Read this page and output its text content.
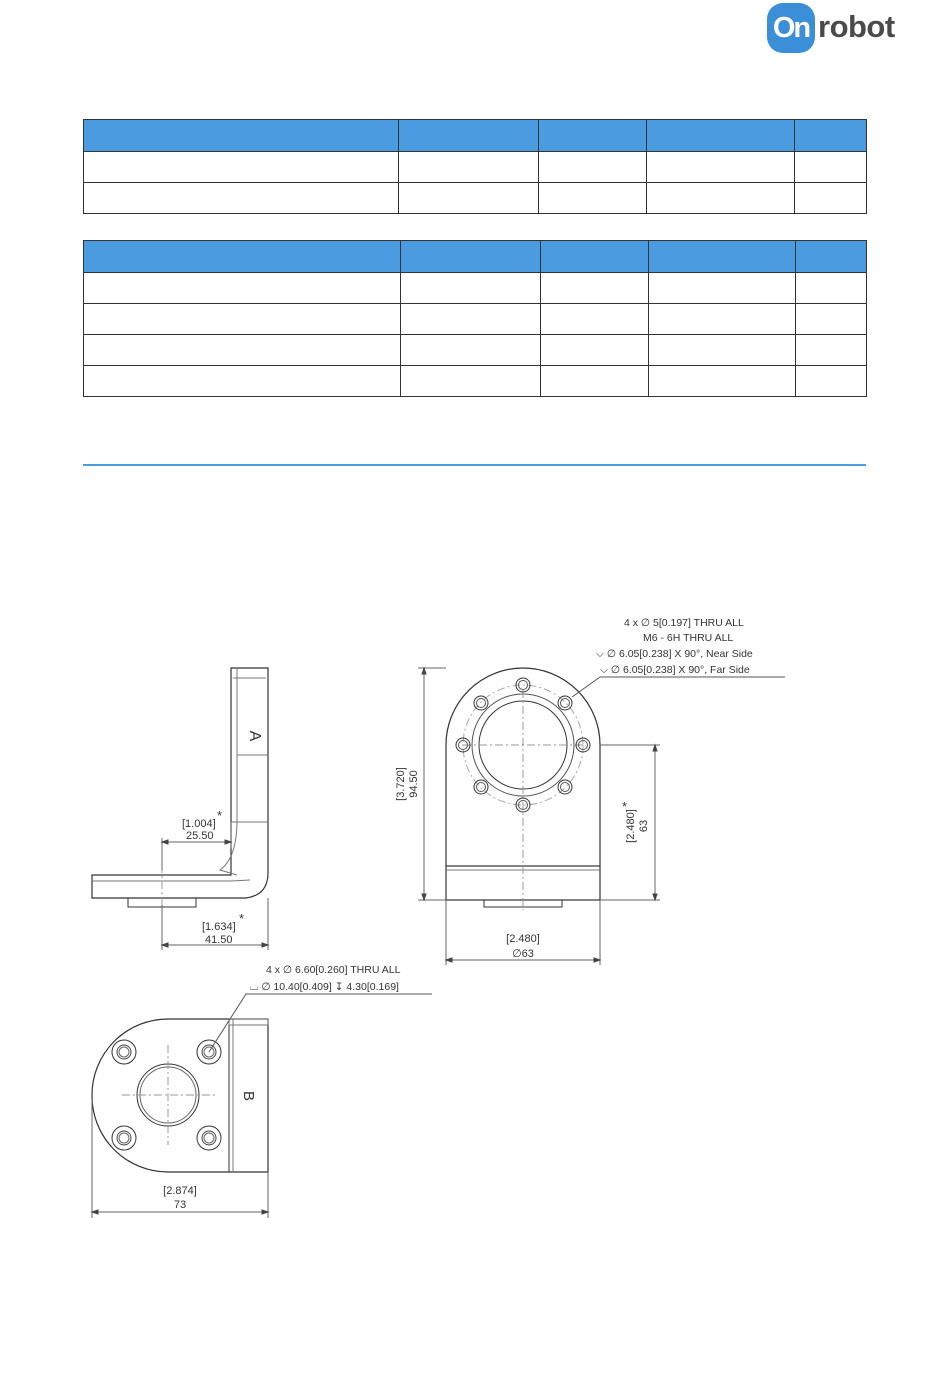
On robot

A
[1.004]
*
25.50
[1.634]
*
41.50
4 x ∅ 5[0.197] THRU ALL
M6 - 6H THRU ALL
⌵ ∅ 6.05[0.238] X 90°, Near Side
⌵ ∅ 6.05[0.238] X 90°, Far Side
[3.720] 94.50
[2.480] 63
*
[2.480]
∅63
4 x ∅ 6.60[0.260] THRU ALL
⌴ ∅ 10.40[0.409] ↧ 4.30[0.169]
B
[2.874]
73
